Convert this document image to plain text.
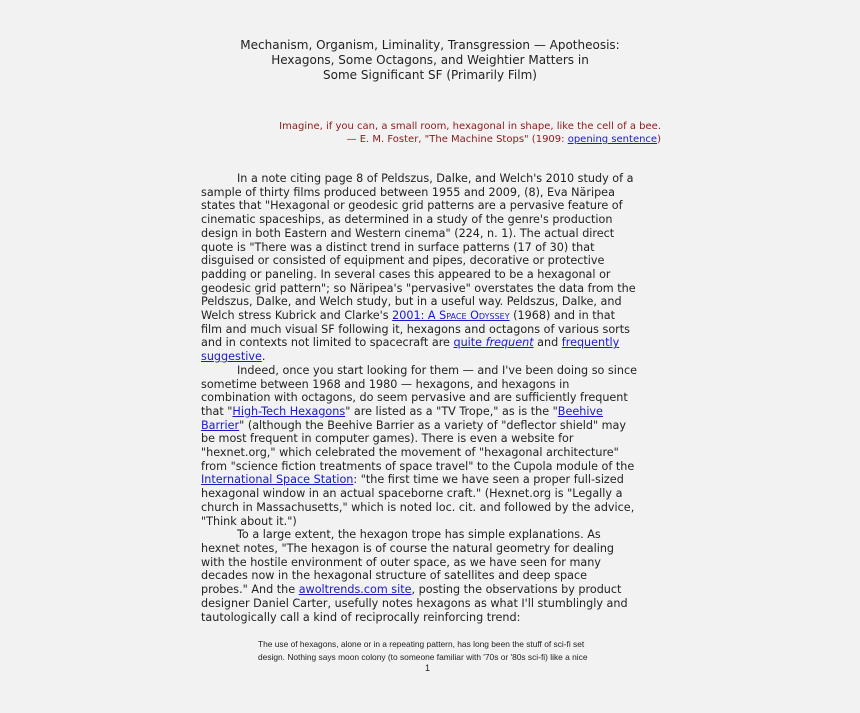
Mechanism, Organism, Liminality, Transgression — Apotheosis:
Hexagons, Some Octagons, and Weightier Matters in
Some Significant SF (Primarily Film)
Imagine, if you can, a small room, hexagonal in shape, like the cell of a bee.
— E. M. Foster, "The Machine Stops" (1909: opening sentence)

In a note citing page 8 of Peldszus, Dalke, and Welch's 2010 study of a
sample of thirty films produced between 1955 and 2009, (8), Eva Näripea
states that "Hexagonal or geodesic grid patterns are a pervasive feature of
cinematic spaceships, as determined in a study of the genre's production
design in both Eastern and Western cinema" (224, n. 1). The actual direct
quote is "There was a distinct trend in surface patterns (17 of 30) that
disguised or consisted of equipment and pipes, decorative or protective
padding or paneling. In several cases this appeared to be a hexagonal or
geodesic grid pattern"; so Näripea's "pervasive" overstates the data from the
Peldszus, Dalke, and Welch study, but in a useful way. Peldszus, Dalke, and
Welch stress Kubrick and Clarke's 2001: A Space Odyssey (1968) and in that
film and much visual SF following it, hexagons and octagons of various sorts
and in contexts not limited to spacecraft are quite frequent and frequently
suggestive.

Indeed, once you start looking for them — and I've been doing so since
sometime between 1968 and 1980 — hexagons, and hexagons in
combination with octagons, do seem pervasive and are sufficiently frequent
that "High-Tech Hexagons" are listed as a "TV Trope," as is the "Beehive
Barrier" (although the Beehive Barrier as a variety of "deflector shield" may
be most frequent in computer games). There is even a website for
"hexnet.org," which celebrated the movement of "hexagonal architecture"
from "science fiction treatments of space travel" to the Cupola module of the
International Space Station: "the first time we have seen a proper full-sized
hexagonal window in an actual spaceborne craft." (Hexnet.org is "Legally a
church in Massachusetts," which is noted loc. cit. and followed by the advice,
"Think about it.")

To a large extent, the hexagon trope has simple explanations. As
hexnet notes, "The hexagon is of course the natural geometry for dealing
with the hostile environment of outer space, as we have seen for many
decades now in the hexagonal structure of satellites and deep space
probes." And the awoltrends.com site, posting the observations by product
designer Daniel Carter, usefully notes hexagons as what I'll stumblingly and
tautologically call a kind of reciprocally reinforcing trend:

The use of hexagons, alone or in a repeating pattern, has long been the stuff of sci-fi set
design. Nothing says moon colony (to someone familiar with '70s or '80s sci-fi) like a nice
1
